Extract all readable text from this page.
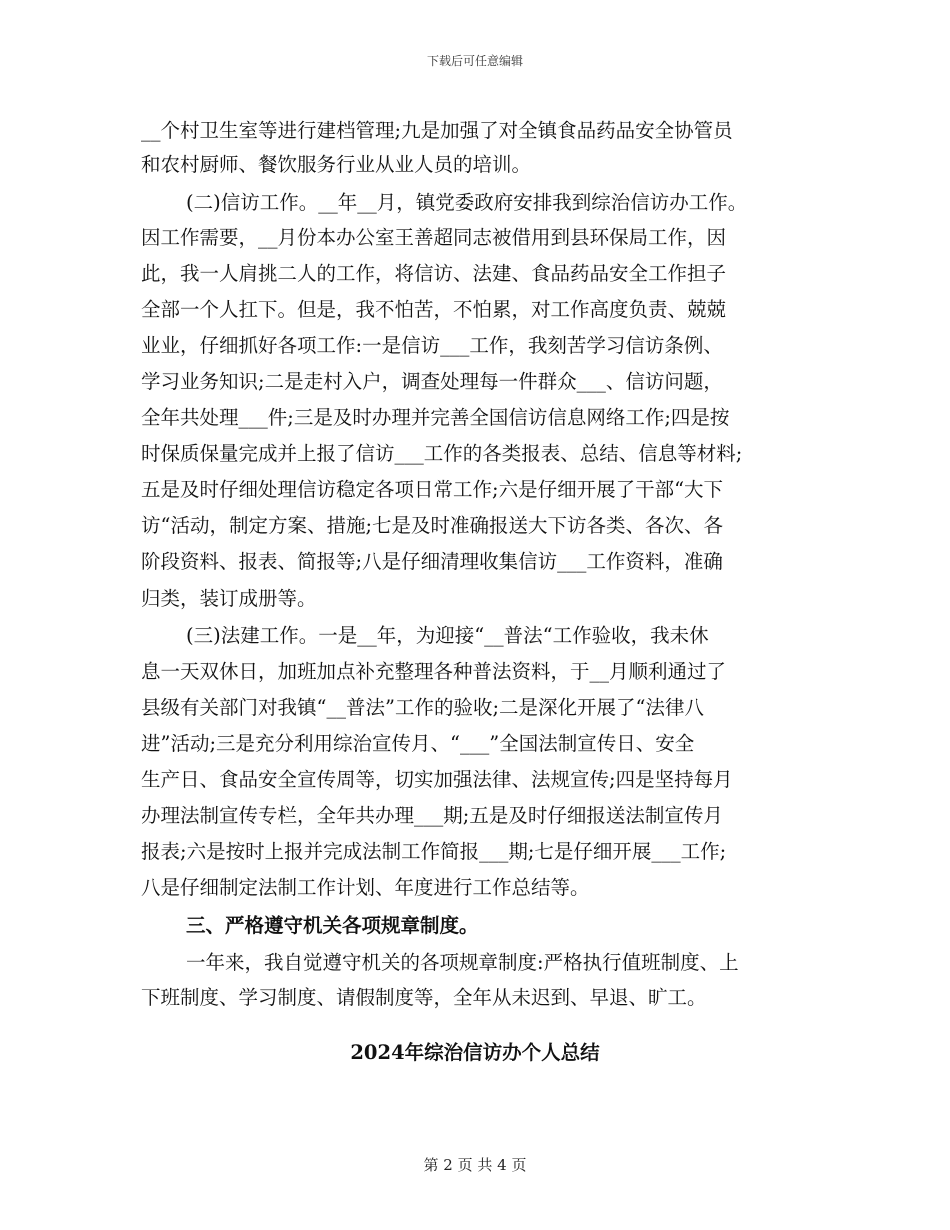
下载后可任意编辑
__个村卫生室等进行建档管理;九是加强了对全镇食品药品安全协管员
和农村厨师、餐饮服务行业从业人员的培训。
(二)信访工作。__年__月，镇党委政府安排我到综治信访办工作。
因工作需要，__月份本办公室王善超同志被借用到县环保局工作，因
此，我一人肩挑二人的工作，将信访、法建、食品药品安全工作担子
全部一个人扛下。但是，我不怕苦，不怕累，对工作高度负责、兢兢
业业，仔细抓好各项工作:一是信访___工作，我刻苦学习信访条例、
学习业务知识;二是走村入户，调查处理每一件群众___、信访问题，
全年共处理___件;三是及时办理并完善全国信访信息网络工作;四是按
时保质保量完成并上报了信访___工作的各类报表、总结、信息等材料;
五是及时仔细处理信访稳定各项日常工作;六是仔细开展了干部“大下
访“活动，制定方案、措施;七是及时准确报送大下访各类、各次、各
阶段资料、报表、简报等;八是仔细清理收集信访___工作资料，准确
归类，装订成册等。
(三)法建工作。一是__年，为迎接“__普法“工作验收，我未休
息一天双休日，加班加点补充整理各种普法资料，于__月顺利通过了
县级有关部门对我镇“__普法”工作的验收;二是深化开展了“法律八
进”活动;三是充分利用综治宣传月、“___”全国法制宣传日、安全
生产日、食品安全宣传周等，切实加强法律、法规宣传;四是坚持每月
办理法制宣传专栏，全年共办理___期;五是及时仔细报送法制宣传月
报表;六是按时上报并完成法制工作简报___期;七是仔细开展___工作;
八是仔细制定法制工作计划、年度进行工作总结等。
三、严格遵守机关各项规章制度。
一年来，我自觉遵守机关的各项规章制度:严格执行值班制度、上
下班制度、学习制度、请假制度等，全年从未迟到、早退、旷工。
2024年综治信访办个人总结
第 2 页 共 4 页
